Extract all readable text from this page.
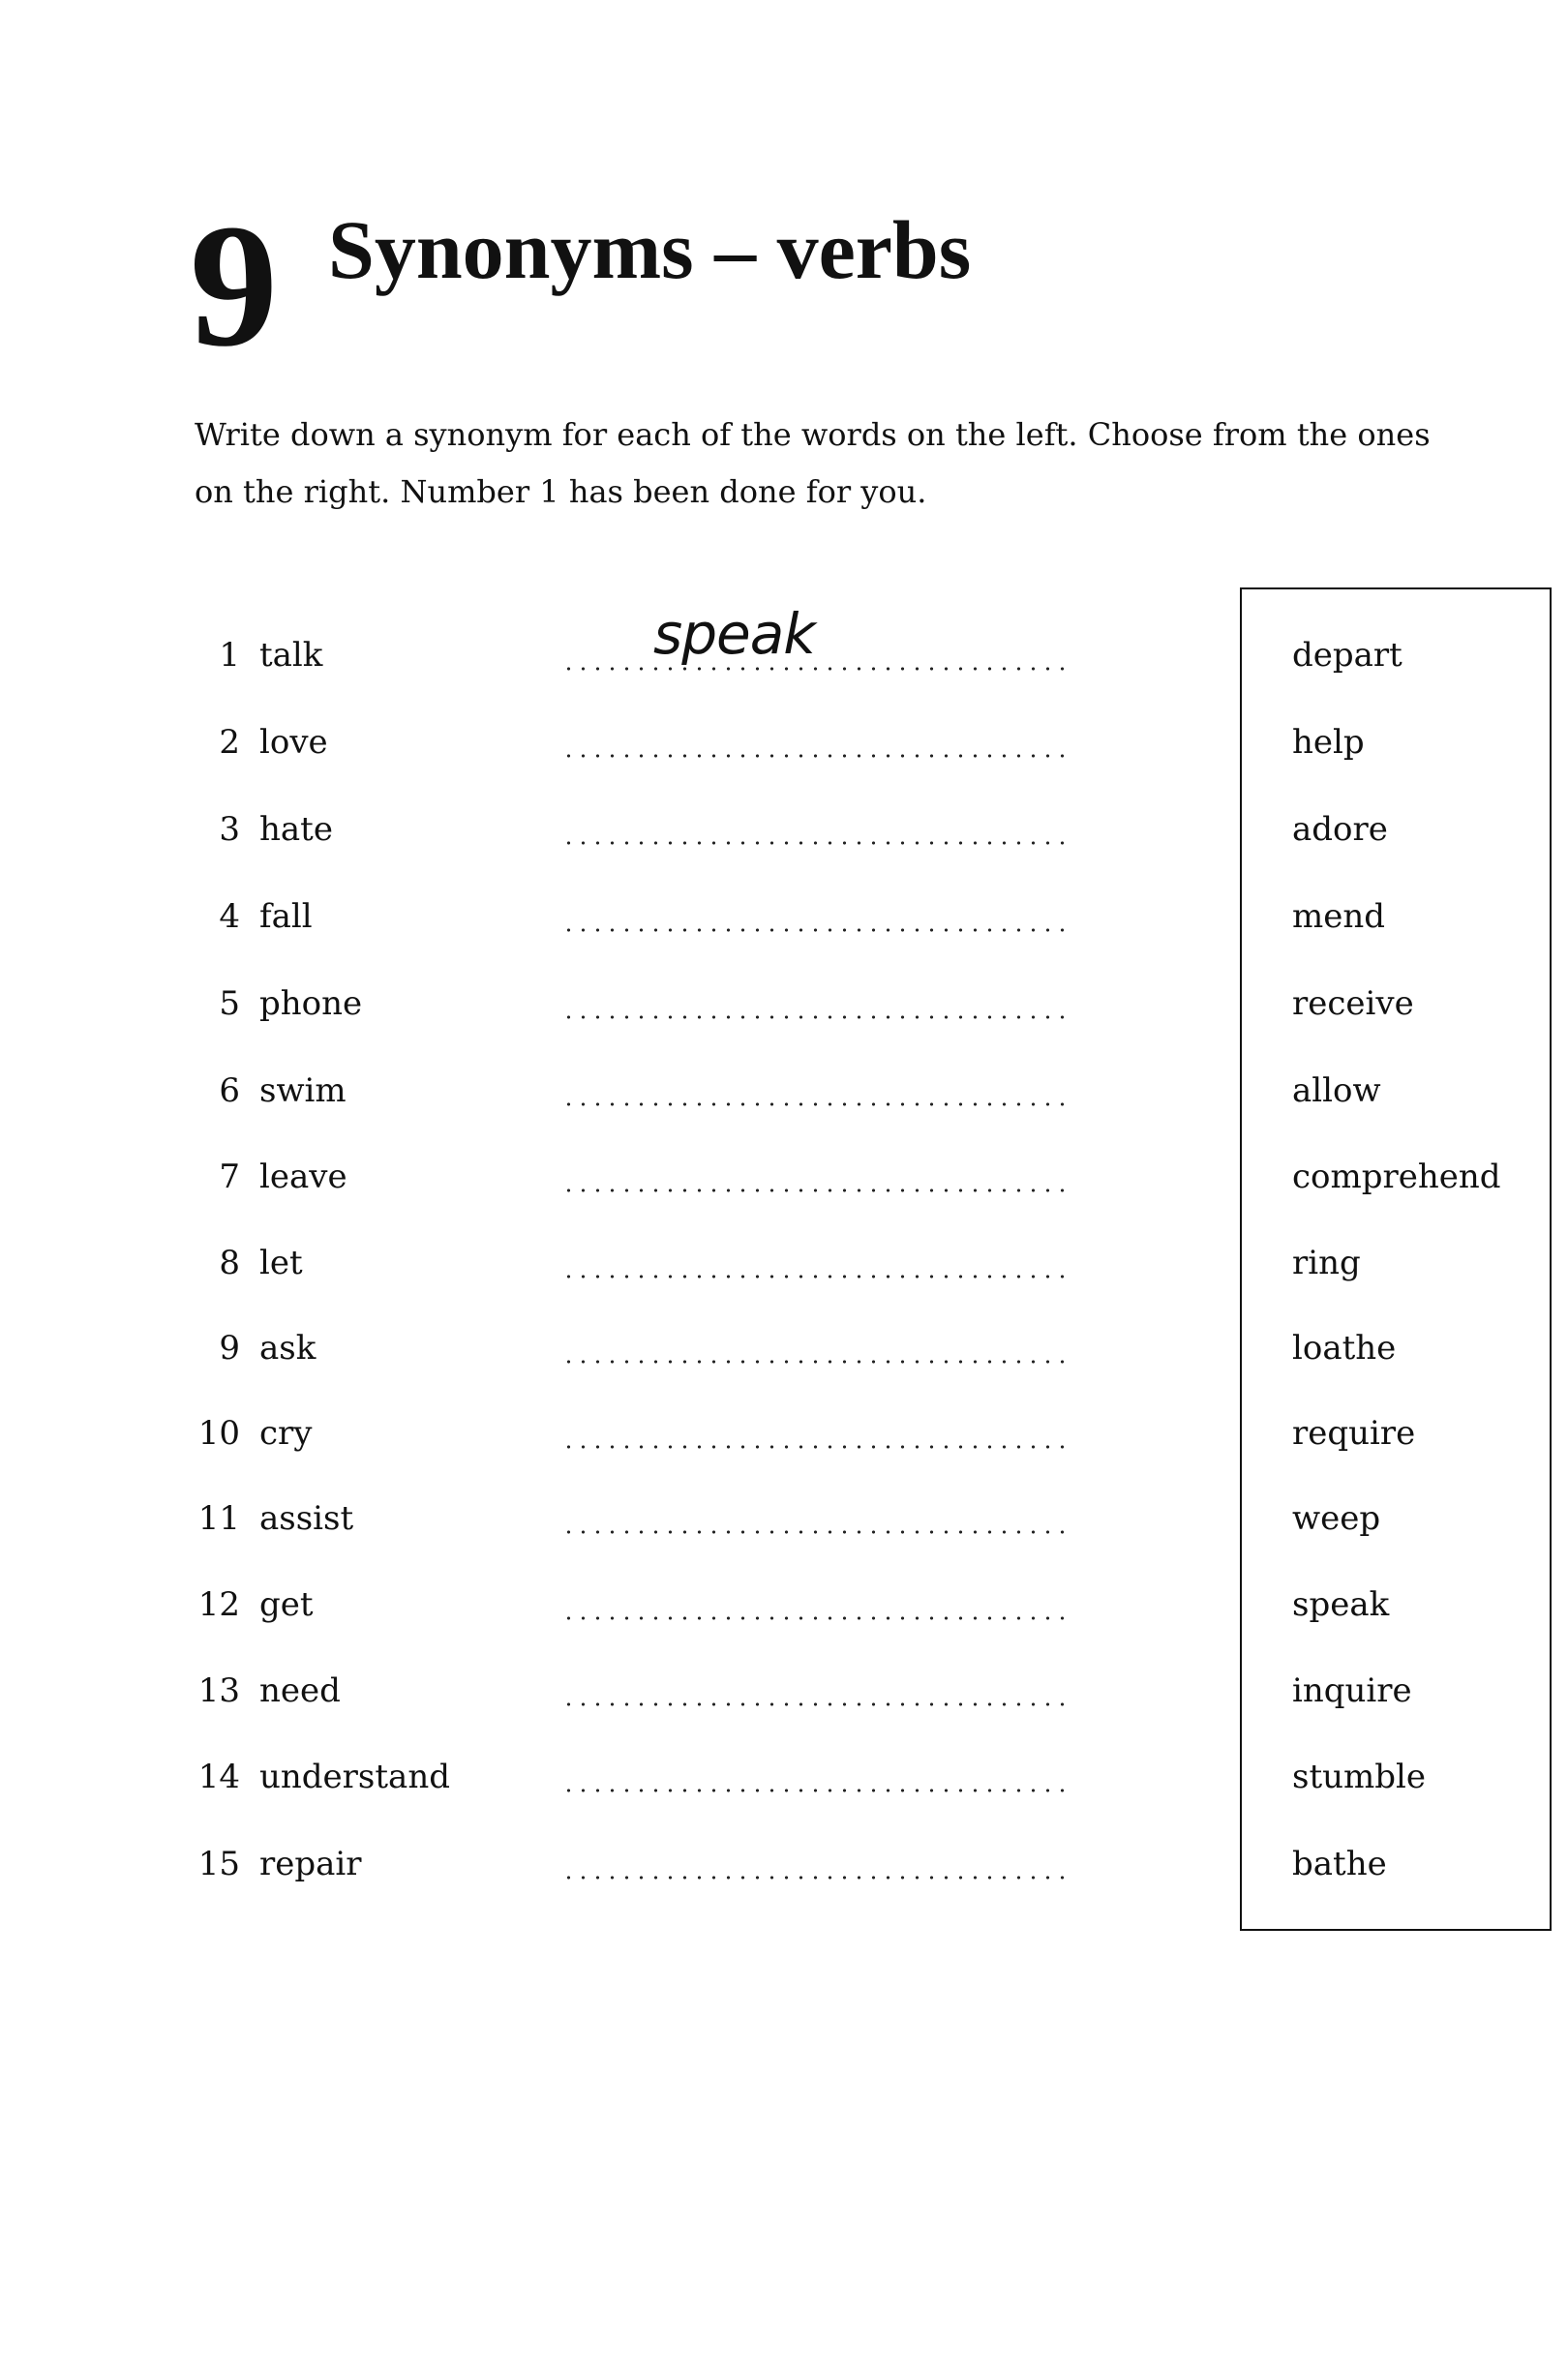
9 Synonyms – verbs

Write down a synonym for each of the words on the left. Choose from the ones

on the right. Number 1 has been done for you.

1 talk	speak
2 love
3 hate
4 fall
5 phone
6 swim
7 leave
8 let
9 ask
10 cry
11 assist
12 get
13 need
14 understand
15 repair
depart
help
adore
mend
receive
allow
comprehend
ring
loathe
require
weep
speak
inquire
stumble
bathe
